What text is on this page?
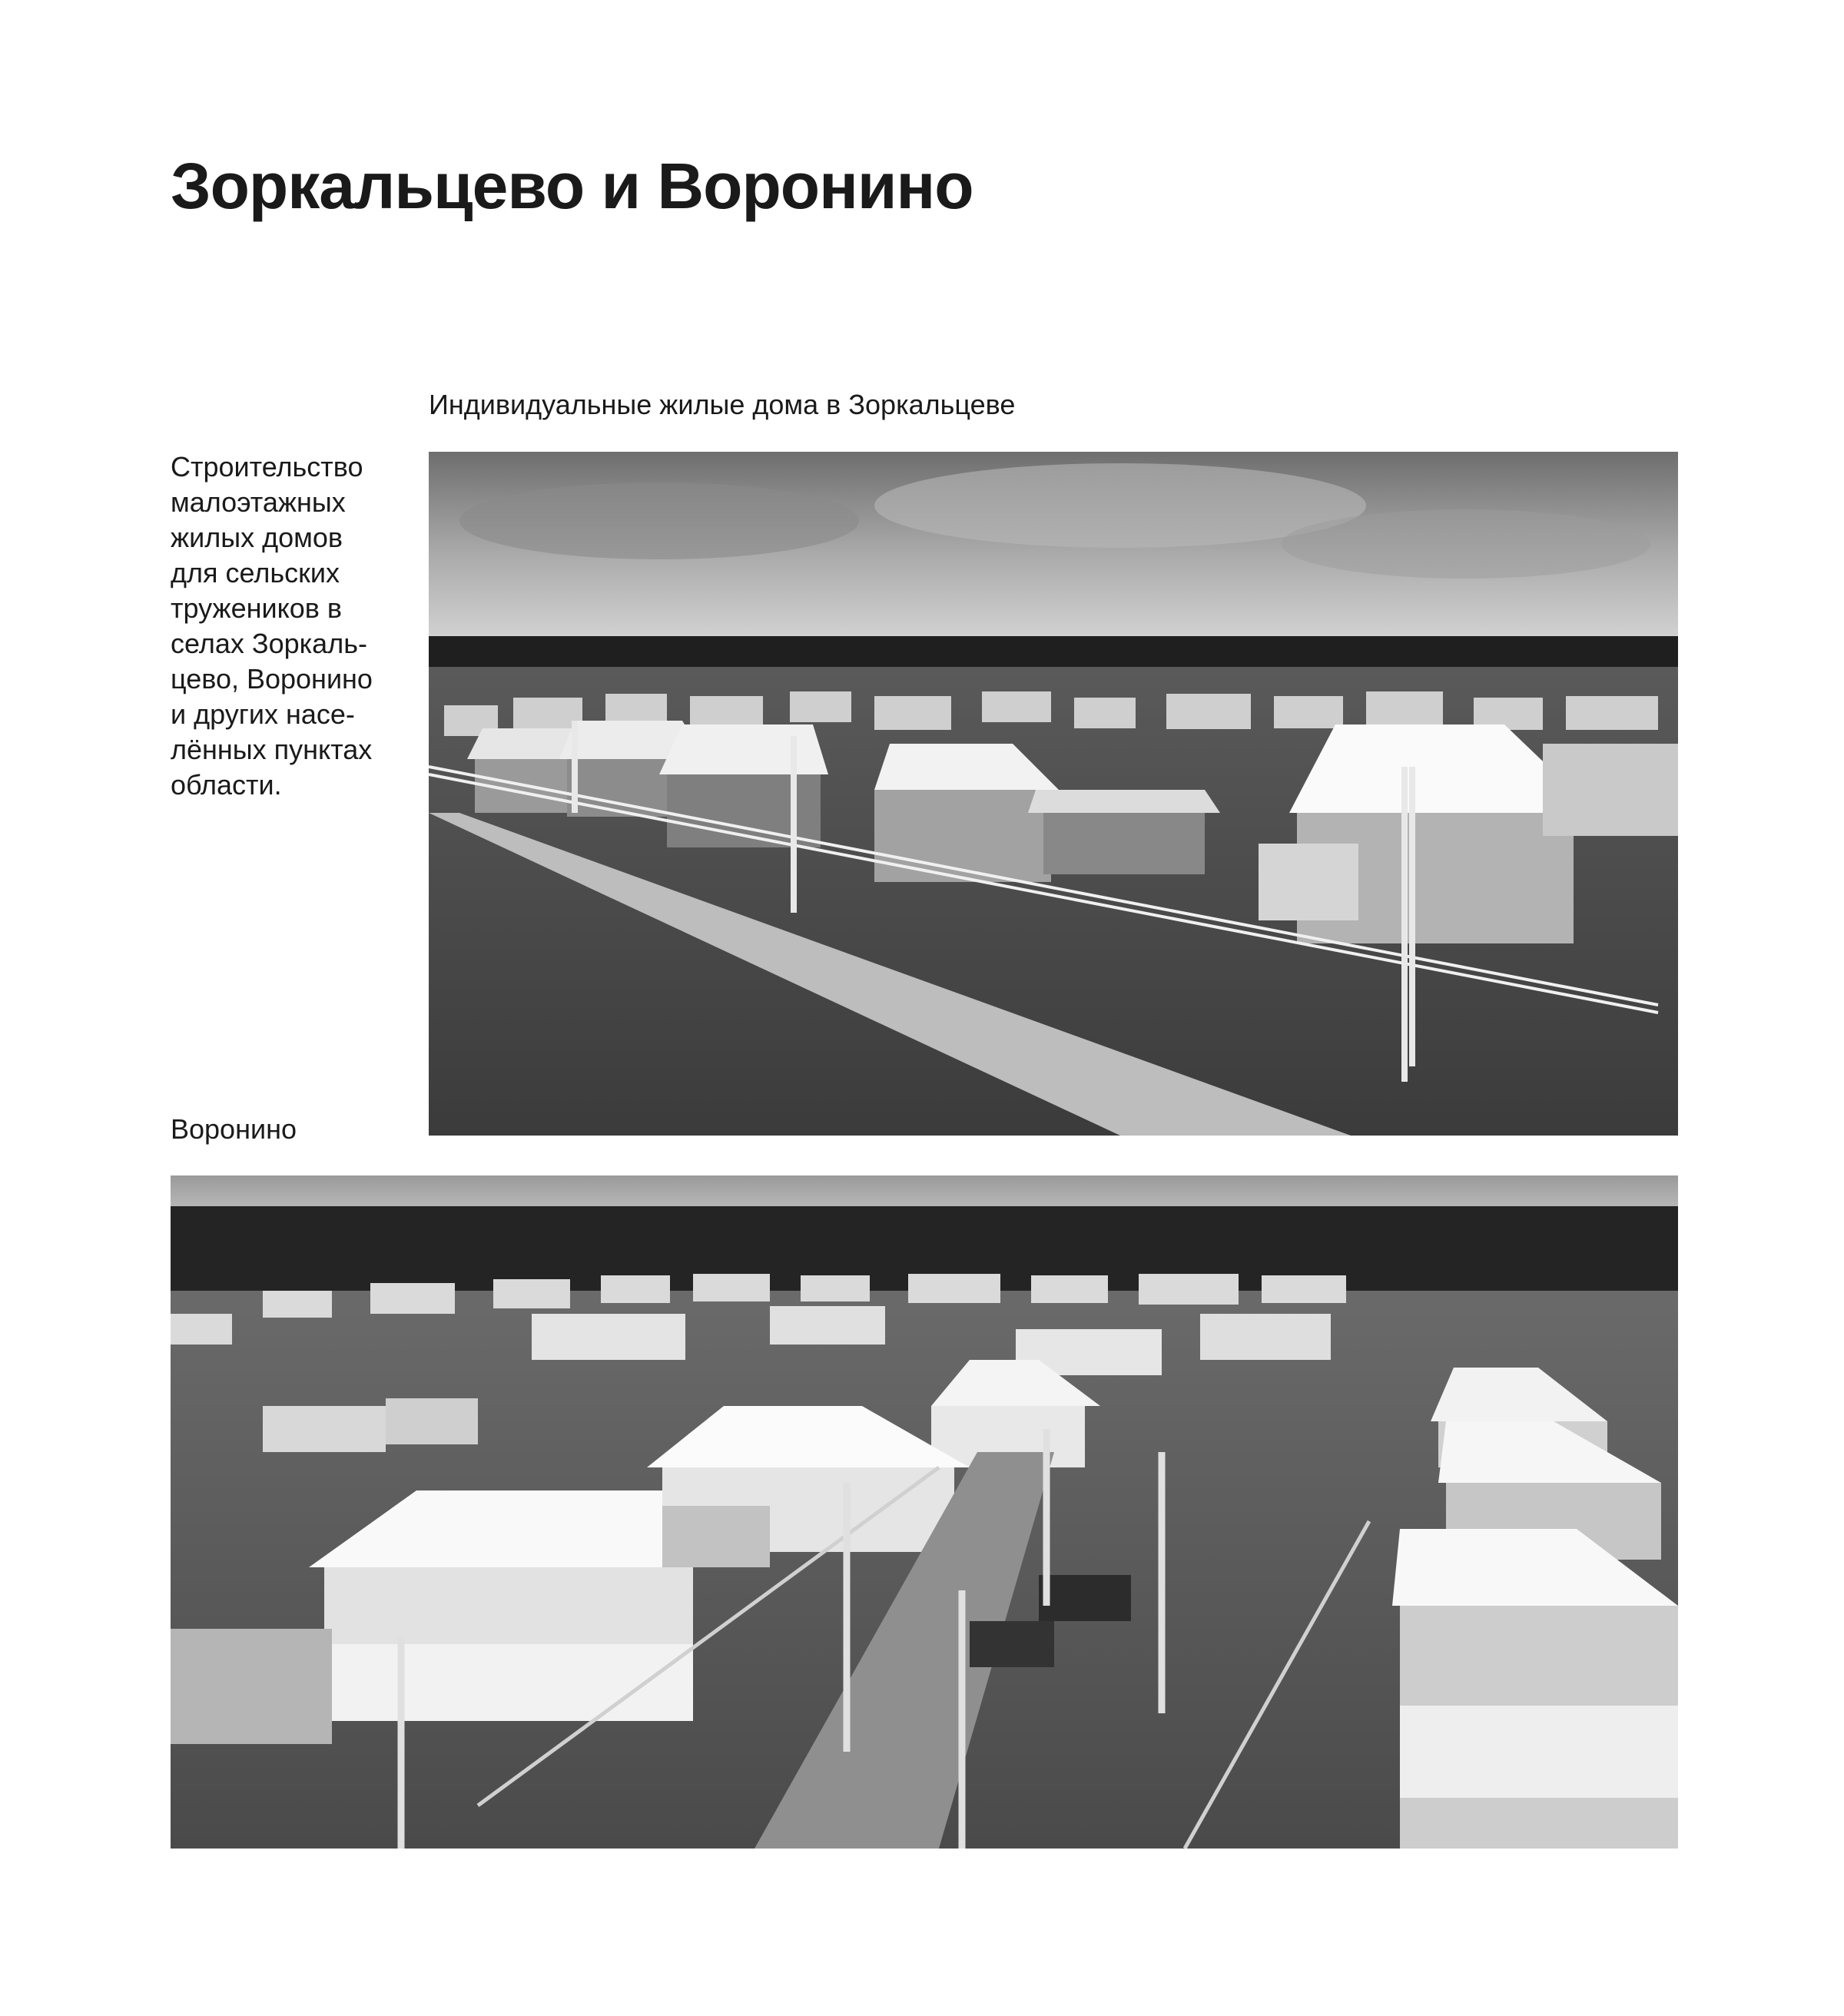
Зоркальцево и Воронино
Индивидуальные жилые дома в Зоркальцеве
Строительство
малоэтажных
жилых домов
для сельских
тружеников в
селах Зоркаль-
цево, Воронино
и других насе-
лённых пунктах
области.
Воронино
